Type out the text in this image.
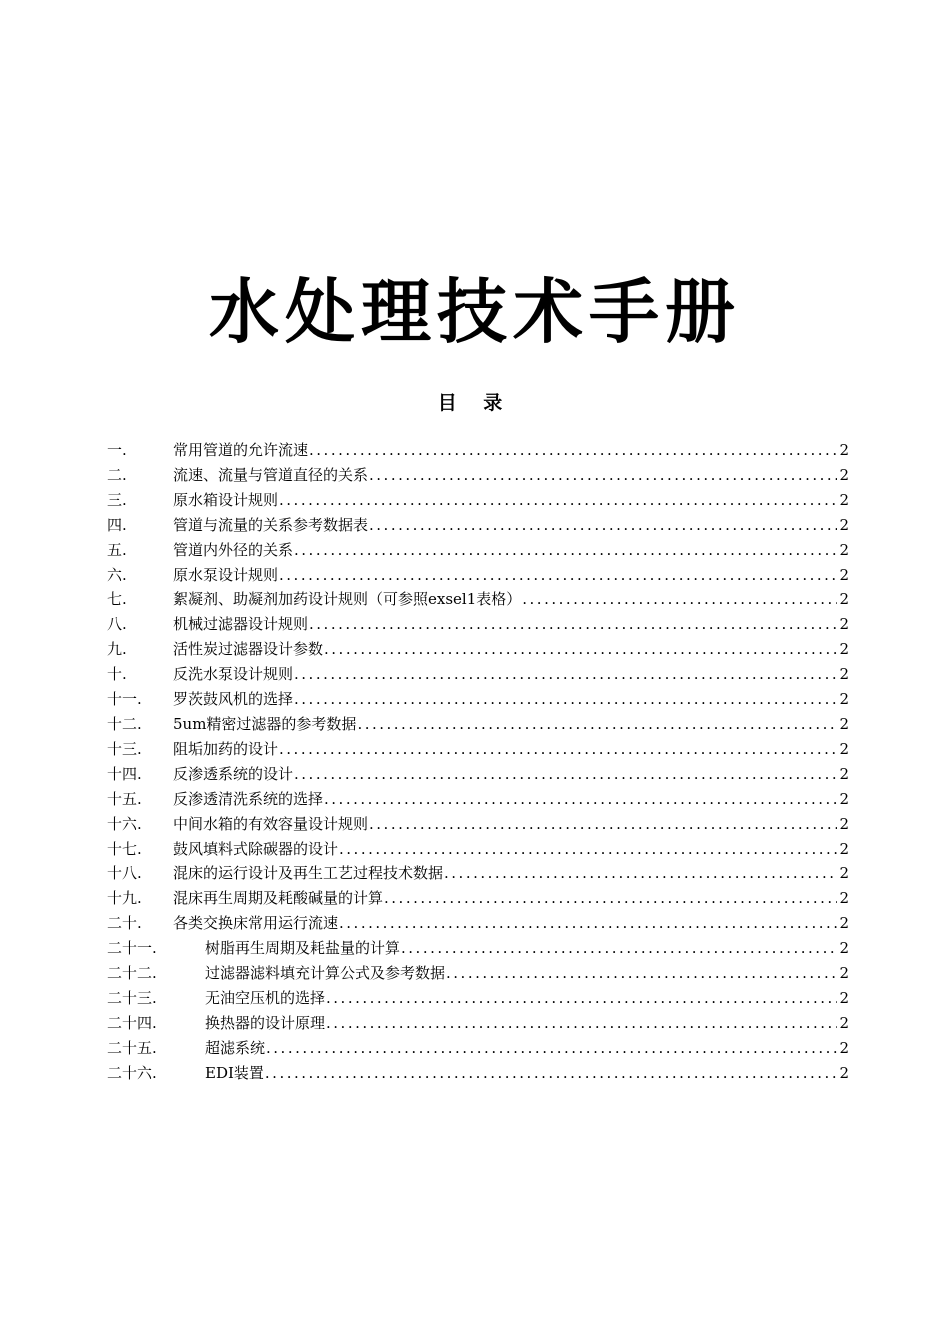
水处理技术手册
目 录
一.	常用管道的允许流速 .....	2
二.	流速、流量与管道直径的关系 .....	2
三.	原水箱设计规则 .....	2
四.	管道与流量的关系参考数据表 .....	2
五.	管道内外径的关系 .....	2
六.	原水泵设计规则 .....	2
七.	絮凝剂、助凝剂加药设计规则（可参照exsel1表格） .....	2
八.	机械过滤器设计规则 .....	2
九.	活性炭过滤器设计参数 .....	2
十.	反洗水泵设计规则 .....	2
十一.	罗茨鼓风机的选择 .....	2
十二.	5um精密过滤器的参考数据 .....	2
十三.	阻垢加药的设计 .....	2
十四.	反渗透系统的设计 .....	2
十五.	反渗透清洗系统的选择 .....	2
十六.	中间水箱的有效容量设计规则 .....	2
十七.	鼓风填料式除碳器的设计 .....	2
十八.	混床的运行设计及再生工艺过程技术数据 .....	2
十九.	混床再生周期及耗酸碱量的计算 .....	2
二十.	各类交换床常用运行流速 .....	2
二十一.	树脂再生周期及耗盐量的计算 .....	2
二十二.	过滤器滤料填充计算公式及参考数据 .....	2
二十三.	无油空压机的选择 .....	2
二十四.	换热器的设计原理 .....	2
二十五.	超滤系统 .....	2
二十六.	EDI装置 .....	2
